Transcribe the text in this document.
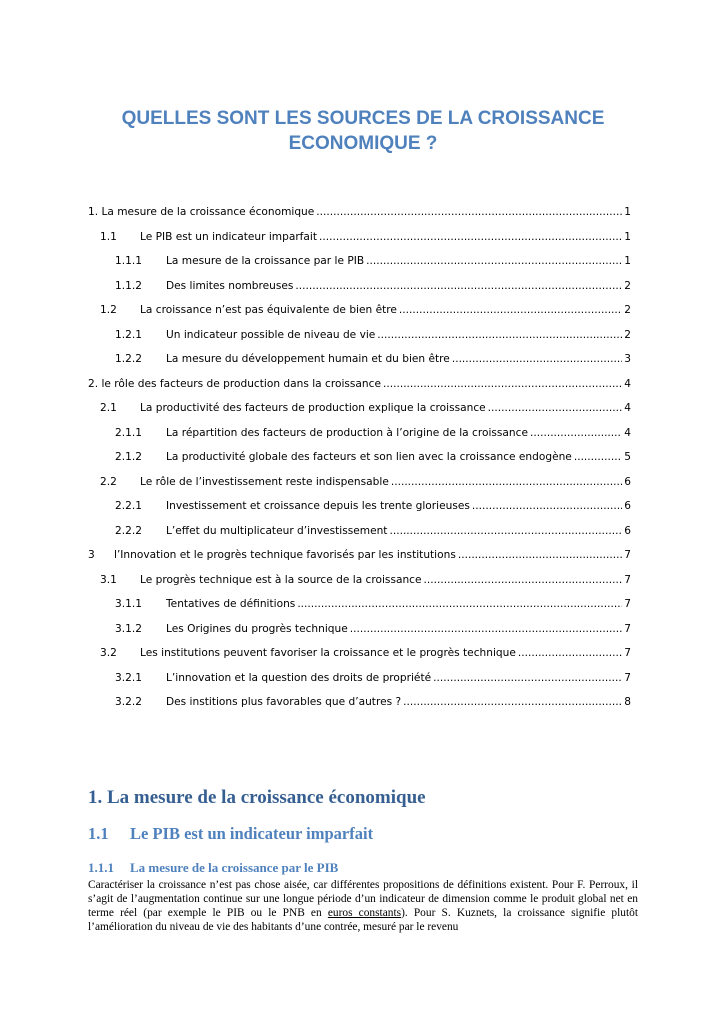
QUELLES SONT LES SOURCES DE LA CROISSANCE ECONOMIQUE ?
1. La mesure de la croissance économique .....	1
1.1 Le PIB est un indicateur imparfait .....	1
1.1.1 La mesure de la croissance par le PIB .....	1
1.1.2 Des limites nombreuses .....	2
1.2 La croissance n’est pas équivalente de bien être .....	2
1.2.1 Un indicateur possible de niveau de vie .....	2
1.2.2 La mesure du développement humain et du bien être .....	3
2. le rôle des facteurs de production dans la croissance .....	4
2.1 La productivité des facteurs de production explique la croissance .....	4
2.1.1 La répartition des facteurs de production à l’origine de la croissance .....	4
2.1.2 La productivité globale des facteurs et son lien avec la croissance endogène .....	5
2.2 Le rôle de l’investissement reste indispensable .....	6
2.2.1 Investissement et croissance depuis les trente glorieuses .....	6
2.2.2 L’effet du multiplicateur d’investissement .....	6
3 l’Innovation et le progrès technique favorisés par les institutions .....	7
3.1 Le progrès technique est à la source de la croissance .....	7
3.1.1 Tentatives de définitions .....	7
3.1.2 Les Origines du progrès technique .....	7
3.2 Les institutions peuvent favoriser la croissance et le progrès technique .....	7
3.2.1 L’innovation et la question des droits de propriété .....	7
3.2.2 Des institions plus favorables que d’autres ? .....	8
1. La mesure de la croissance économique
1.1 Le PIB est un indicateur imparfait
1.1.1 La mesure de la croissance par le PIB

Caractériser la croissance n’est pas chose aisée, car différentes propositions de définitions existent. Pour F. Perroux, il s’agit de l’augmentation continue sur une longue période d’un indicateur de dimension comme le produit global net en terme réel (par exemple le PIB ou le PNB en euros constants). Pour S. Kuznets, la croissance signifie plutôt l’amélioration du niveau de vie des habitants d’une contrée, mesuré par le revenu
